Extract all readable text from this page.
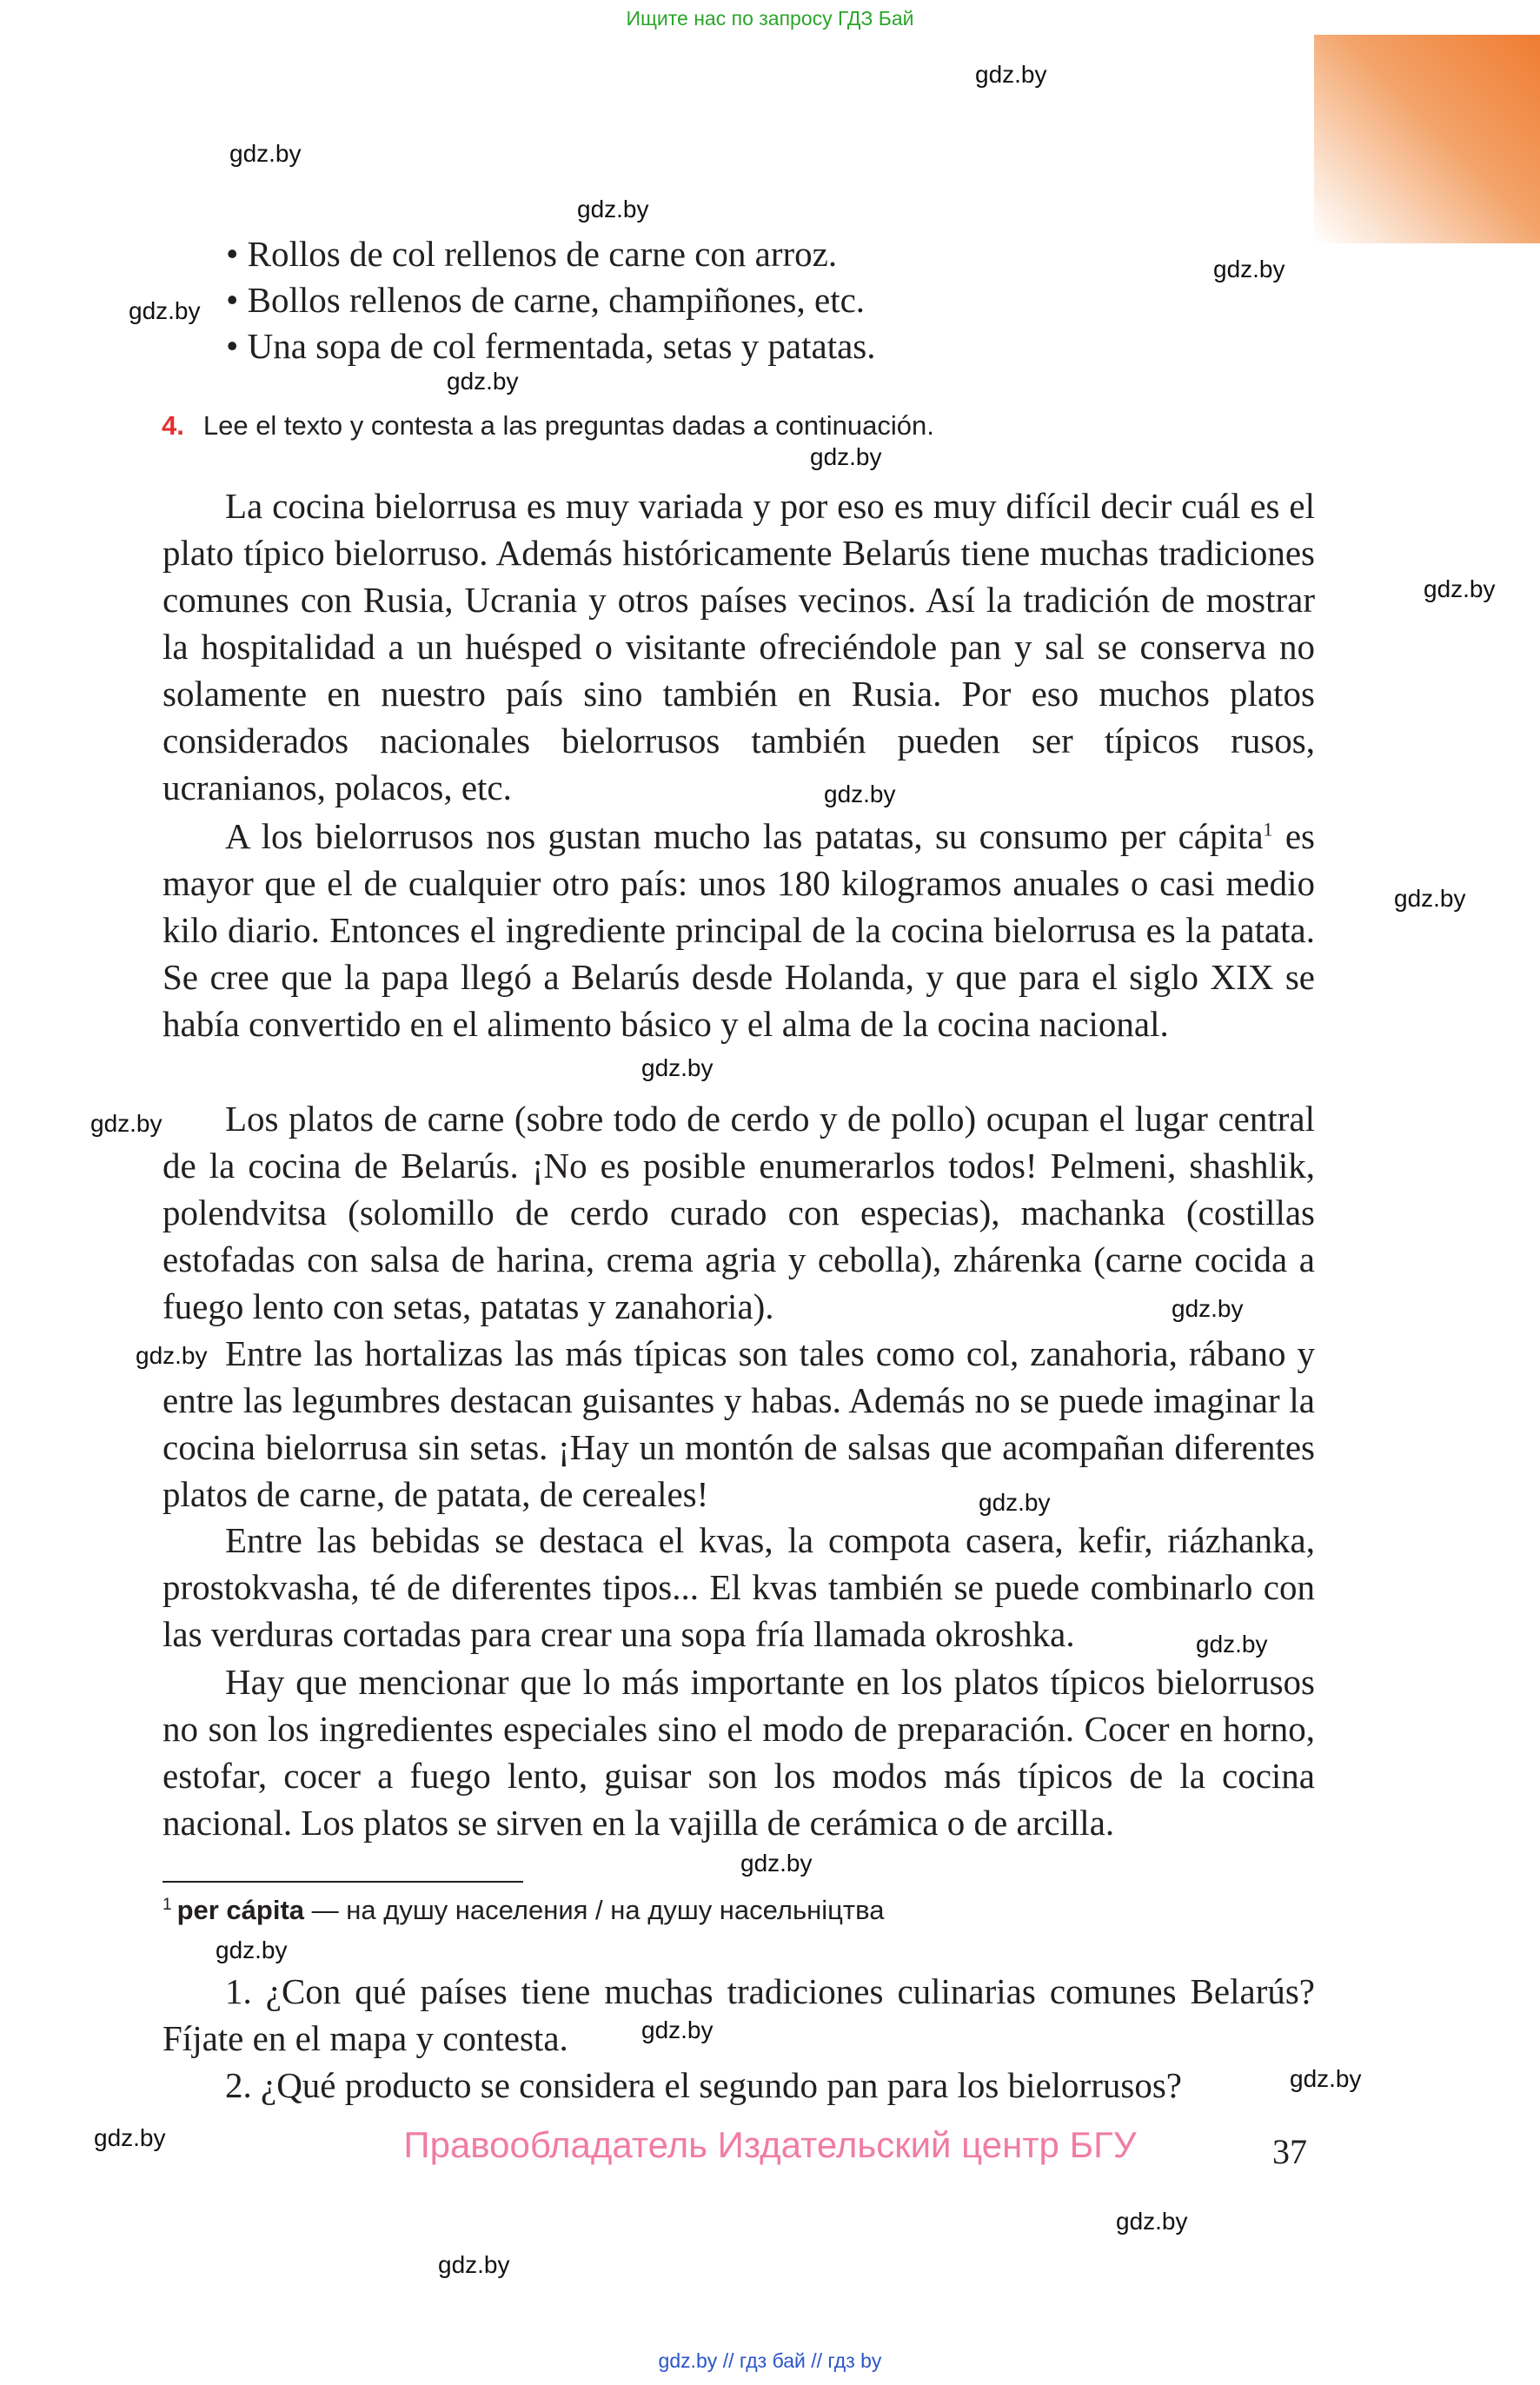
Ищите нас по запросу ГДЗ Бай
gdz.by
gdz.by
gdz.by
gdz.by
gdz.by
gdz.by
gdz.by
gdz.by
gdz.by
gdz.by
gdz.by
gdz.by
gdz.by
gdz.by
gdz.by
gdz.by
gdz.by
gdz.by
gdz.by
gdz.by
gdz.by
gdz.by
gdz.by
• Rollos de col rellenos de carne con arroz.
• Bollos rellenos de carne, champiñones, etc.
• Una sopa de col fermentada, setas y patatas.
4. Lee el texto y contesta a las preguntas dadas a continuación.

La cocina bielorrusa es muy variada y por eso es muy difícil decir cuál es el plato típico bielorruso. Además históricamente Belarús tiene muchas tradiciones comunes con Rusia, Ucrania y otros países vecinos. Así la tradición de mostrar la hospitalidad a un huésped o visitante ofreciéndole pan y sal se conserva no solamente en nuestro país sino también en Rusia. Por eso muchos platos considerados nacionales bielorrusos también pueden ser típicos rusos, ucranianos, polacos, etc.

A los bielorrusos nos gustan mucho las patatas, su consumo per cápita$^1$ es mayor que el de cualquier otro país: unos 180 kilogramos anuales o casi medio kilo diario. Entonces el ingrediente principal de la cocina bielorrusa es la patata. Se cree que la papa llegó a Belarús desde Holanda, y que para el siglo XIX se había convertido en el alimento básico y el alma de la cocina nacional.

Los platos de carne (sobre todo de cerdo y de pollo) ocupan el lugar central de la cocina de Belarús. ¡No es posible enumerarlos todos! Pelmeni, shashlik, polendvitsa (solomillo de cerdo curado con especias), machanka (costillas estofadas con salsa de harina, crema agria y cebolla), zhárenka (carne cocida a fuego lento con setas, patatas y zanahoria).

Entre las hortalizas las más típicas son tales como col, zanahoria, rábano y entre las legumbres destacan guisantes y habas. Además no se puede imaginar la cocina bielorrusa sin setas. ¡Hay un montón de salsas que acompañan diferentes platos de carne, de patata, de cereales!

Entre las bebidas se destaca el kvas, la compota casera, kefir, riázhanka, prostokvasha, té de diferentes tipos... El kvas también se puede combinarlo con las verduras cortadas para crear una sopa fría llamada okroshka.

Hay que mencionar que lo más importante en los platos típicos bielorrusos no son los ingredientes especiales sino el modo de preparación. Cocer en horno, estofar, cocer a fuego lento, guisar son los modos más típicos de la cocina nacional. Los platos se sirven en la vajilla de cerámica o de arcilla.

$^1$ per cápita — на душу населения / на душу насельніцтва

1. ¿Con qué países tiene muchas tradiciones culinarias comunes Belarús? Fíjate en el mapa y contesta.

2. ¿Qué producto se considera el segundo pan para los bielorrusos?

Правообладатель Издательский центр БГУ	37
gdz.by // гдз бай // гдз by
